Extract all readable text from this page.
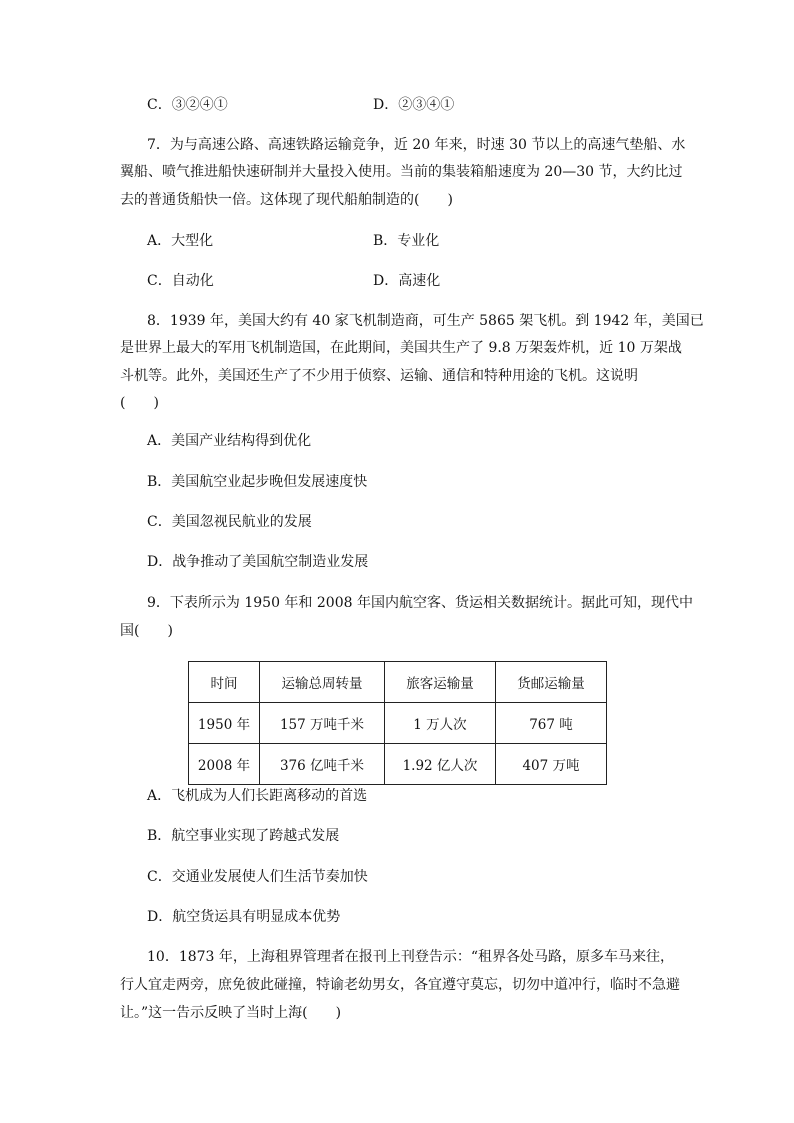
C．③②④①	D．②③④①
7．为与高速公路、高速铁路运输竞争，近 20 年来，时速 30 节以上的高速气垫船、水
翼船、喷气推进船快速研制并大量投入使用。当前的集装箱船速度为 20—30 节，大约比过
去的普通货船快一倍。这体现了现代船舶制造的(　　)
A．大型化	B．专业化
C．自动化	D．高速化
8．1939 年，美国大约有 40 家飞机制造商，可生产 5865 架飞机。到 1942 年，美国已
是世界上最大的军用飞机制造国，在此期间，美国共生产了 9.8 万架轰炸机，近 10 万架战
斗机等。此外，美国还生产了不少用于侦察、运输、通信和特种用途的飞机。这说明
(　　)
A．美国产业结构得到优化
B．美国航空业起步晚但发展速度快
C．美国忽视民航业的发展
D．战争推动了美国航空制造业发展
9．下表所示为 1950 年和 2008 年国内航空客、货运相关数据统计。据此可知，现代中
国(　　)
时间	运输总周转量	旅客运输量	货邮运输量
1950 年	157 万吨千米	1 万人次	767 吨
2008 年	376 亿吨千米	1.92 亿人次	407 万吨
A．飞机成为人们长距离移动的首选
B．航空事业实现了跨越式发展
C．交通业发展使人们生活节奏加快
D．航空货运具有明显成本优势
10．1873 年，上海租界管理者在报刊上刊登告示：“租界各处马路，原多车马来往，
行人宜走两旁，庶免彼此碰撞，特谕老幼男女，各宜遵守莫忘，切勿中道冲行，临时不急避
让。”这一告示反映了当时上海(　　)
